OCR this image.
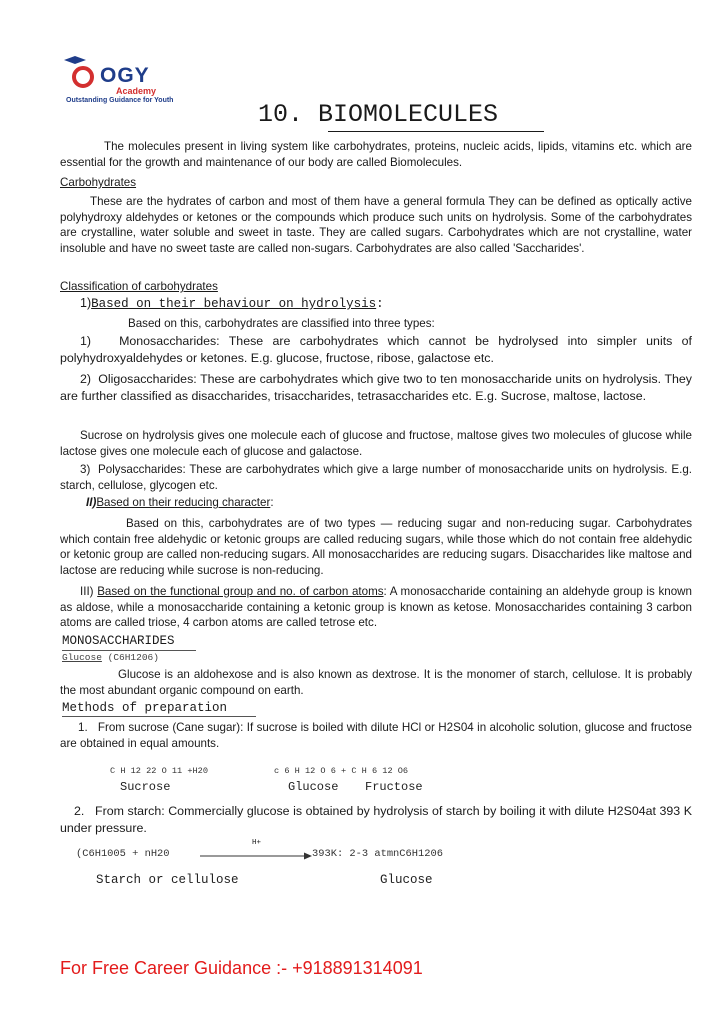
OGY
Academy
Outstanding Guidance for Youth	10. BIOMOLECULES

The molecules present in living system like carbohydrates, proteins, nucleic acids, lipids, vitamins etc. which are essential for the growth and maintenance of our body are called Biomolecules.

Carbohydrates

These are the hydrates of carbon and most of them have a general formula They can be defined as optically active polyhydroxy aldehydes or ketones or the compounds which produce such units on hydrolysis. Some of the carbohydrates are crystalline, water soluble and sweet in taste. They are called sugars. Carbohydrates which are not crystalline, water insoluble and have no sweet taste are called non-sugars. Carbohydrates are also called 'Saccharides'.

Classification of carbohydrates
1)Based on their behaviour on hydrolysis:
Based on this, carbohydrates are classified into three types:

1) Monosaccharides: These are carbohydrates which cannot be hydrolysed into simpler units of polyhydroxyaldehydes or ketones. E.g. glucose, fructose, ribose, galactose etc.

2) Oligosaccharides: These are carbohydrates which give two to ten monosaccharide units on hydrolysis. They are further classified as disaccharides, trisaccharides, tetrasaccharides etc. E.g. Sucrose, maltose, lactose.

Sucrose on hydrolysis gives one molecule each of glucose and fructose, maltose gives two molecules of glucose while lactose gives one molecule each of glucose and galactose.

3) Polysaccharides: These are carbohydrates which give a large number of monosaccharide units on hydrolysis. E.g. starch, cellulose, glycogen etc.

II)Based on their reducing character:

Based on this, carbohydrates are of two types — reducing sugar and non-reducing sugar. Carbohydrates which contain free aldehydic or ketonic groups are called reducing sugars, while those which do not contain free aldehydic or ketonic group are called non-reducing sugars. All monosaccharides are reducing sugars. Disaccharides like maltose and lactose are reducing while sucrose is non-reducing.

III) Based on the functional group and no. of carbon atoms: A monosaccharide containing an aldehyde group is known as aldose, while a monosaccharide containing a ketonic group is known as ketose. Monosaccharides containing 3 carbon atoms are called triose, 4 carbon atoms are called tetrose etc.

MONOSACCHARIDES
Glucose (C6H1206)

Glucose is an aldohexose and is also known as dextrose. It is the monomer of starch, cellulose. It is probably the most abundant organic compound on earth.

Methods of preparation

1. From sucrose (Cane sugar): If sucrose is boiled with dilute HCl or H2S04 in alcoholic solution, glucose and fructose are obtained in equal amounts.

C H 12 22 O 11 +H20	c 6 H 12 O 6 + C H 6 12 O6
Sucrose	Glucose Fructose

2. From starch: Commercially glucose is obtained by hydrolysis of starch by boiling it with dilute H2S04at 393 K under pressure.

(C6H1005 + nH20
H+
393K: 2-3 atmnC6H1206
Starch or cellulose	Glucose
For Free Career Guidance :- +918891314091
